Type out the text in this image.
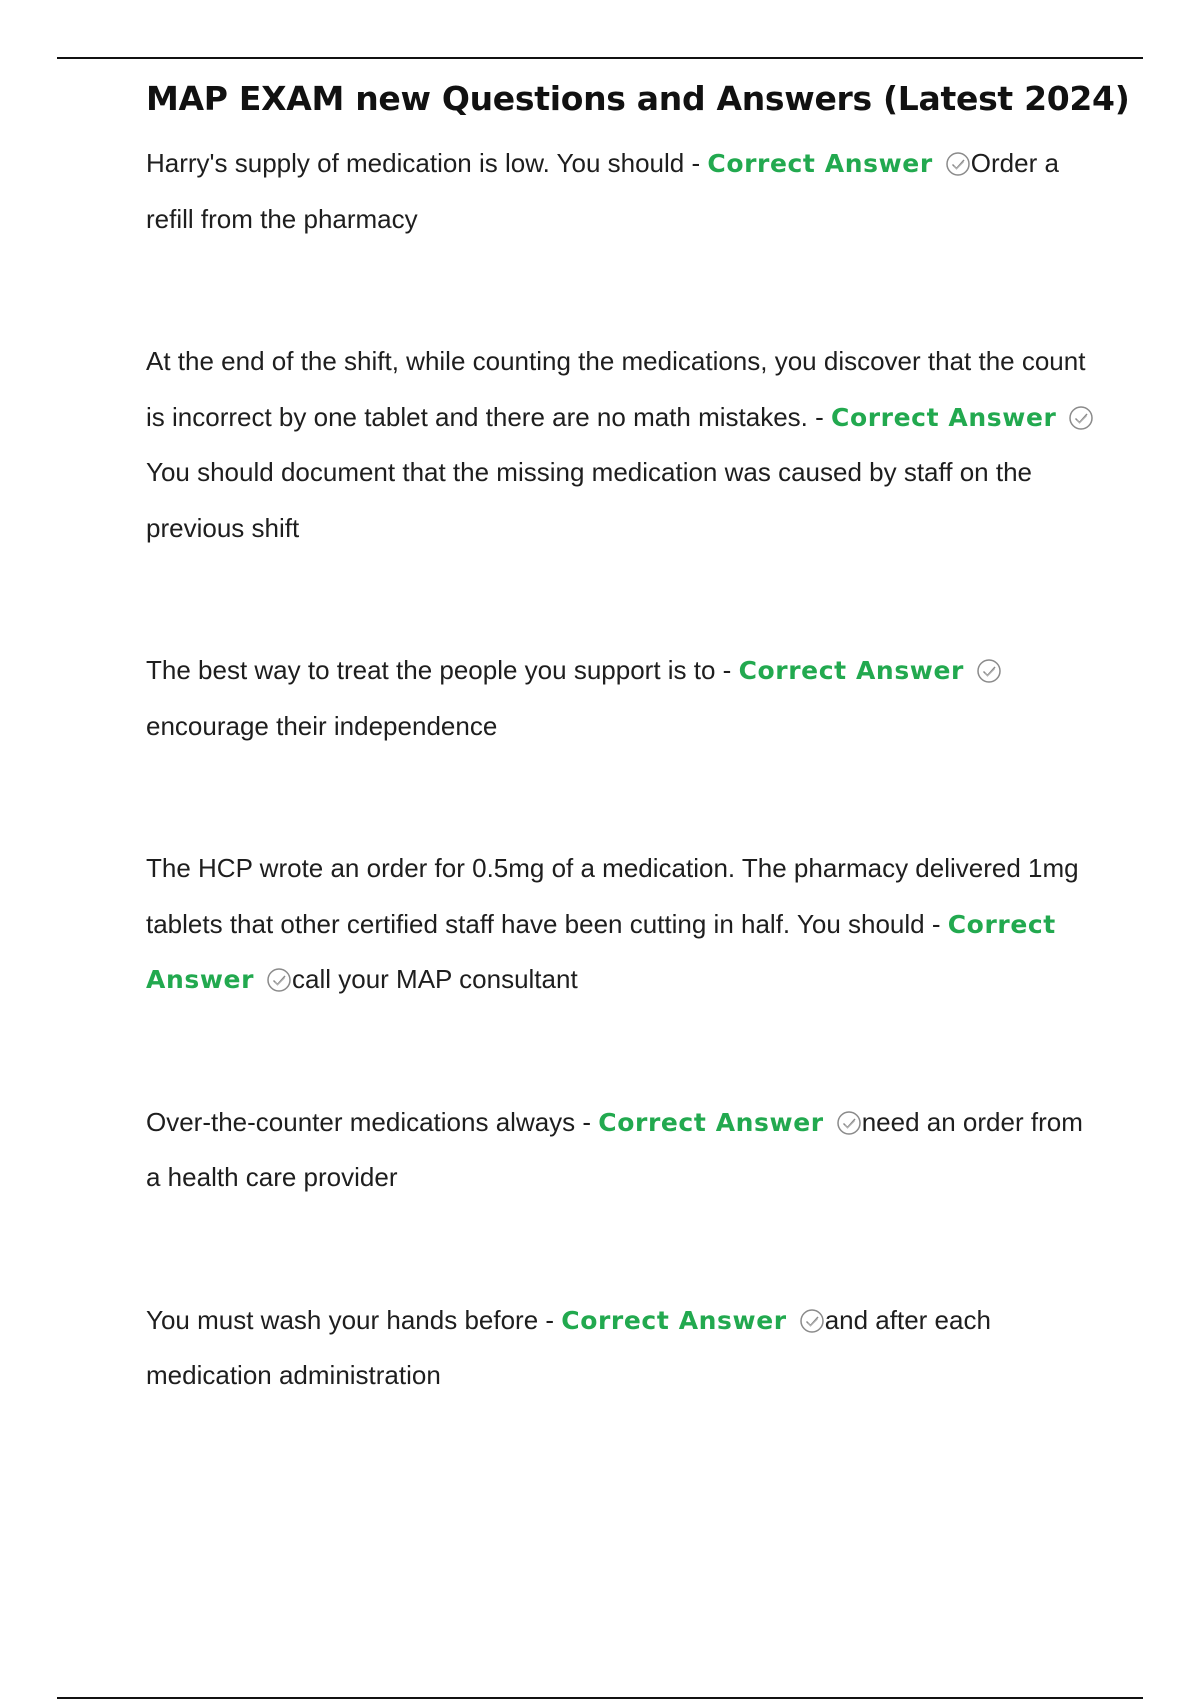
MAP EXAM new Questions and Answers (Latest 2024)

Harry's supply of medication is low. You should - Correct Answer Order a refill from the pharmacy

At the end of the shift, while counting the medications, you discover that the count is incorrect by one tablet and there are no math mistakes. - Correct Answer
You should document that the missing medication was caused by staff on the previous shift

The best way to treat the people you support is to - Correct Answer
encourage their independence

The HCP wrote an order for 0.5mg of a medication. The pharmacy delivered 1mg tablets that other certified staff have been cutting in half. You should - Correct Answer call your MAP consultant

Over-the-counter medications always - Correct Answer need an order from a health care provider

You must wash your hands before - Correct Answer and after each medication administration
